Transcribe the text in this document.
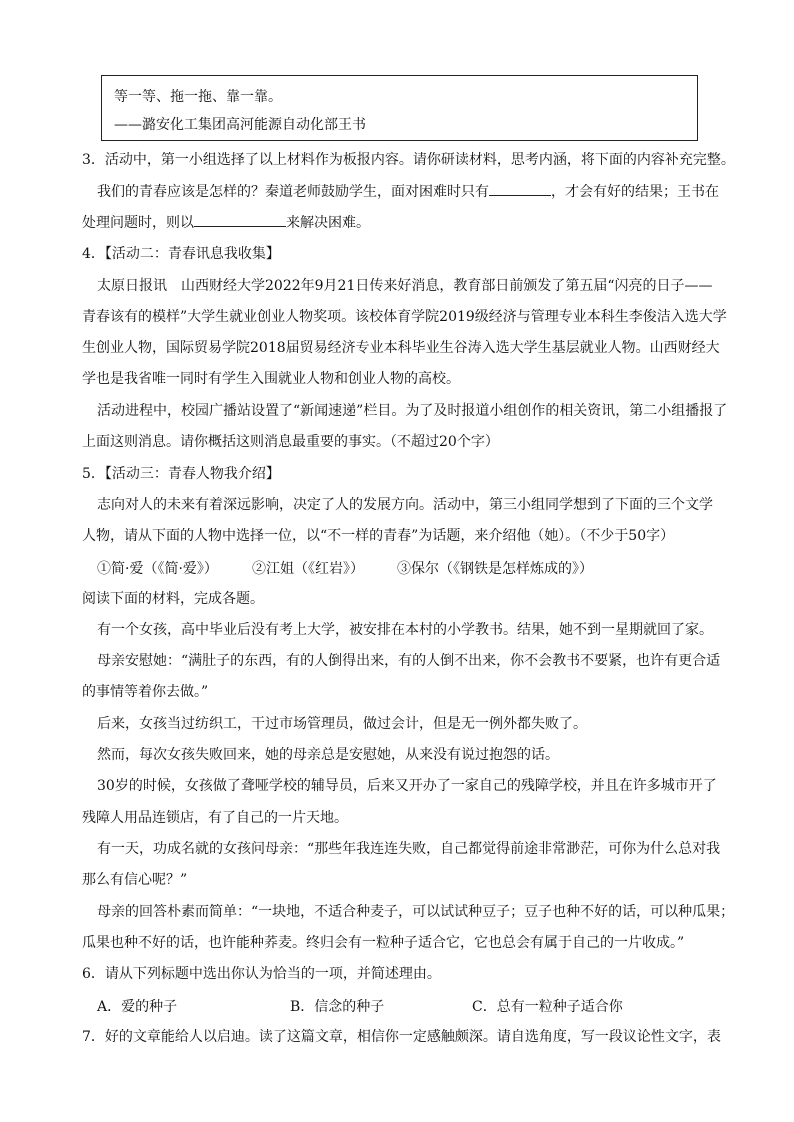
等一等、拖一拖、靠一靠。
——潞安化工集团高河能源自动化部王书
3．活动中，第一小组选择了以上材料作为板报内容。请你研读材料，思考内涵，将下面的内容补充完整。
我们的青春应该是怎样的？秦道老师鼓励学生，面对困难时只有	，才会有好的结果；王书在
处理问题时，则以	来解决困难。
4．【活动二：青春讯息我收集】
太原日报讯　山西财经大学2022年9月21日传来好消息，教育部日前颁发了第五届“闪亮的日子——
青春该有的模样”大学生就业创业人物奖项。该校体育学院2019级经济与管理专业本科生李俊洁入选大学
生创业人物，国际贸易学院2018届贸易经济专业本科毕业生谷涛入选大学生基层就业人物。山西财经大
学也是我省唯一同时有学生入围就业人物和创业人物的高校。
活动进程中，校园广播站设置了“新闻速递”栏目。为了及时报道小组创作的相关资讯，第二小组播报了
上面这则消息。请你概括这则消息最重要的事实。（不超过20个字）
5．【活动三：青春人物我介绍】
志向对人的未来有着深远影响，决定了人的发展方向。活动中，第三小组同学想到了下面的三个文学
人物，请从下面的人物中选择一位，以“不一样的青春”为话题，来介绍他（她）。（不少于50字）
①简·爱（《简·爱》） ②江姐（《红岩》） ③保尔（《钢铁是怎样炼成的》）
阅读下面的材料，完成各题。
有一个女孩，高中毕业后没有考上大学，被安排在本村的小学教书。结果，她不到一星期就回了家。
母亲安慰她：“满肚子的东西，有的人倒得出来，有的人倒不出来，你不会教书不要紧，也许有更合适
的事情等着你去做。”
后来，女孩当过纺织工，干过市场管理员，做过会计，但是无一例外都失败了。
然而，每次女孩失败回来，她的母亲总是安慰她，从来没有说过抱怨的话。
30岁的时候，女孩做了聋哑学校的辅导员，后来又开办了一家自己的残障学校，并且在许多城市开了
残障人用品连锁店，有了自己的一片天地。
有一天，功成名就的女孩问母亲：“那些年我连连失败，自己都觉得前途非常渺茫，可你为什么总对我
那么有信心呢？”
母亲的回答朴素而简单：“一块地，不适合种麦子，可以试试种豆子；豆子也种不好的话，可以种瓜果；
瓜果也种不好的话，也许能种荞麦。终归会有一粒种子适合它，它也总会有属于自己的一片收成。”
6．请从下列标题中选出你认为恰当的一项，并简述理由。
A．爱的种子	B．信念的种子	C．总有一粒种子适合你
7．好的文章能给人以启迪。读了这篇文章，相信你一定感触颇深。请自选角度，写一段议论性文字，表
